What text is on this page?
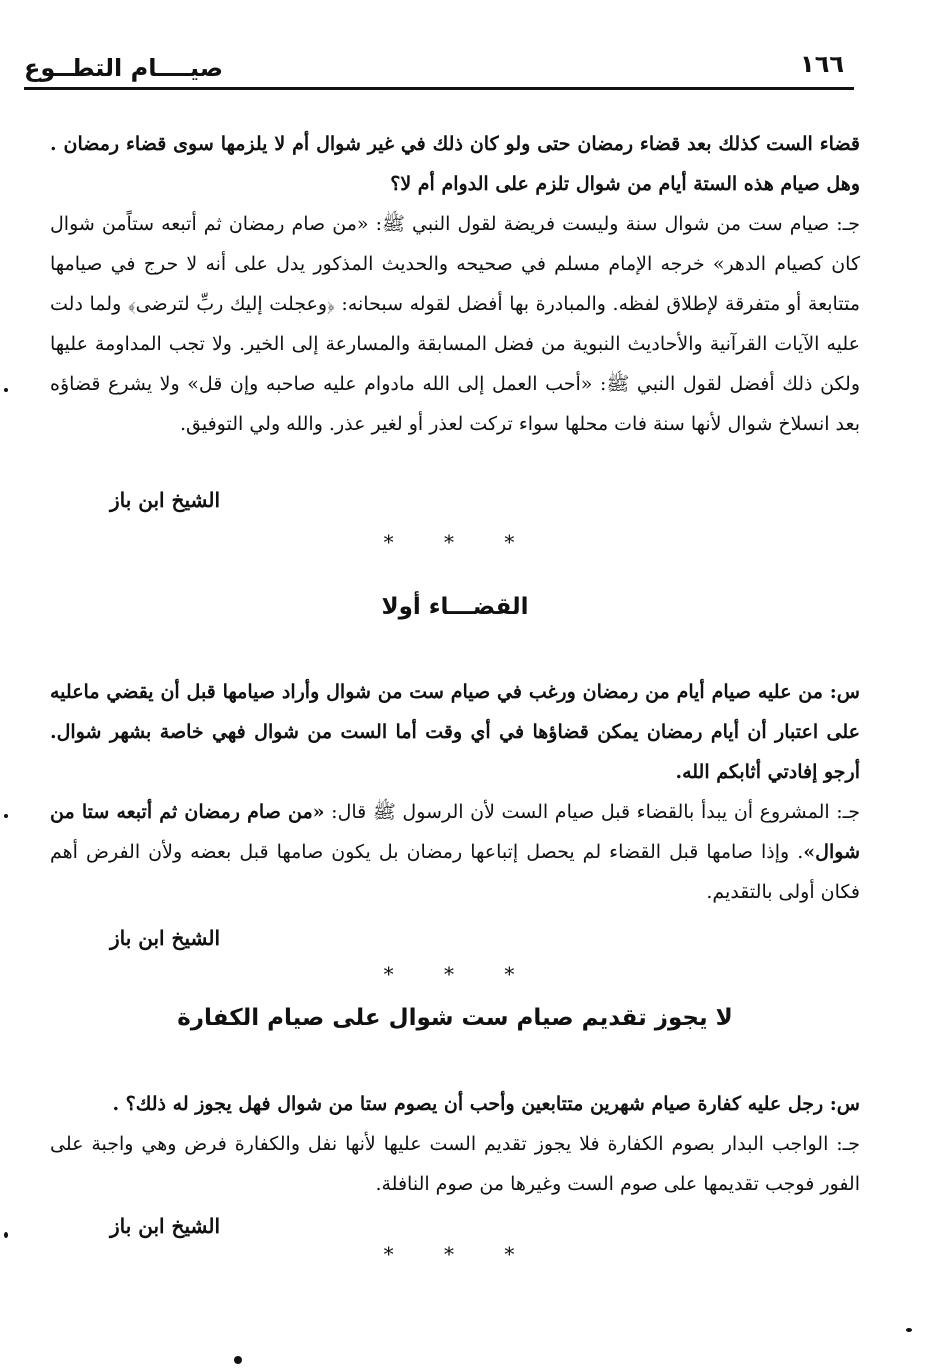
صيــــام التطــوع	١٦٦
قضاء الست كذلك بعد قضاء رمضان حتى ولو كان ذلك في غير شوال أم لا يلزمها سوى قضاء رمضان . وهل صيام هذه الستة أيام من شوال تلزم على الدوام أم لا؟
جـ: صيام ست من شوال سنة وليست فريضة لقول النبي ﷺ: «من صام رمضان ثم أتبعه ستاًمن شوال كان كصيام الدهر» خرجه الإمام مسلم في صحيحه والحديث المذكور يدل على أنه لا حرج في صيامها متتابعة أو متفرقة لإطلاق لفظه. والمبادرة بها أفضل لقوله سبحانه: ﴿وعجلت إليك ربِّ لترضى﴾ ولما دلت عليه الآيات القرآنية والأحاديث النبوية من فضل المسابقة والمسارعة إلى الخير. ولا تجب المداومة عليها ولكن ذلك أفضل لقول النبي ﷺ: «أحب العمل إلى الله مادوام عليه صاحبه وإن قل» ولا يشرع قضاؤه بعد انسلاخ شوال لأنها سنة فات محلها سواء تركت لعذر أو لغير عذر. والله ولي التوفيق.
الشيخ ابن باز
* * *
القضـــاء أولا
س: من عليه صيام أيام من رمضان ورغب في صيام ست من شوال وأراد صيامها قبل أن يقضي ماعليه على اعتبار أن أيام رمضان يمكن قضاؤها في أي وقت أما الست من شوال فهي خاصة بشهر شوال. أرجو إفادتي أثابكم الله.
جـ: المشروع أن يبدأ بالقضاء قبل صيام الست لأن الرسول ﷺ قال: «من صام رمضان ثم أتبعه ستا من شوال». وإذا صامها قبل القضاء لم يحصل إتباعها رمضان بل يكون صامها قبل بعضه ولأن الفرض أهم فكان أولى بالتقديم.
الشيخ ابن باز
* * *
لا يجوز تقديم صيام ست شوال على صيام الكفارة
س: رجل عليه كفارة صيام شهرين متتابعين وأحب أن يصوم ستا من شوال فهل يجوز له ذلك؟ .
جـ: الواجب البدار بصوم الكفارة فلا يجوز تقديم الست عليها لأنها نفل والكفارة فرض وهي واجبة على الفور فوجب تقديمها على صوم الست وغيرها من صوم النافلة.
الشيخ ابن باز
* * *
